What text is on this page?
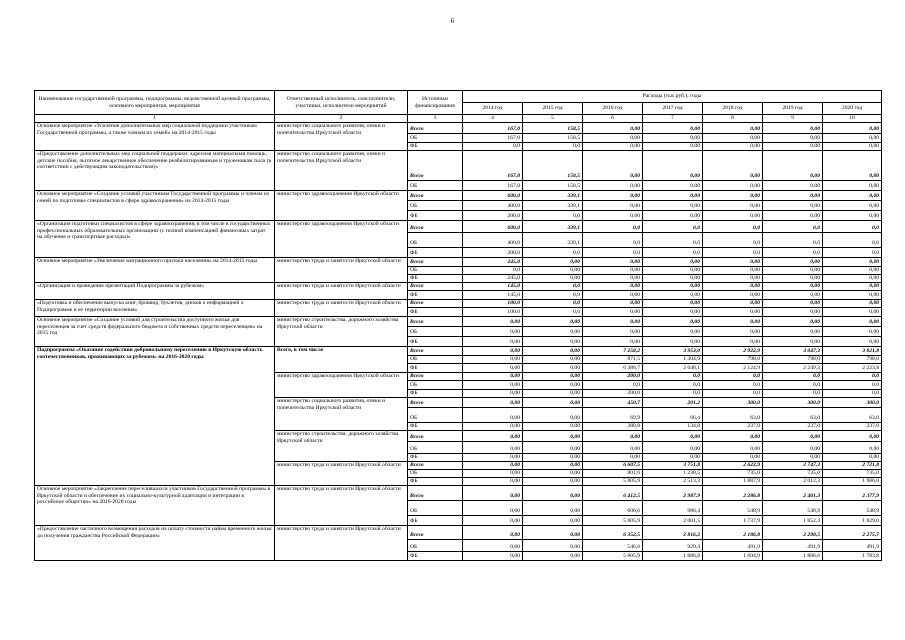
6
Наименование государственной программы, подпрограммы, ведомственной целевой программы, основного мероприятия, мероприятия	Ответственный исполнитель, соисполнители, участники, исполнители мероприятий	Источники финансирования	Расходы (тыс.руб.), годы						
			2014 год	2015 год	2016 год	2017 год	2018 год	2019 год	2020 год
1	2	3	4	5	6	7	8	9	10
Основное мероприятие «Усиление дополнительных мер социальной поддержки участникам Государственной программы, а также членам их семей» на 2014-2015 годы	министерство социального развития, опеки и попечительства Иркутской области	Всего	167,0	158,5	0,00	0,00	0,00	0,00	0,00
		ОБ	167,0	158,5	0,00	0,00	0,00	0,00	0,00
		ФБ	0,0	0,0	0,00	0,00	0,00	0,00	0,00
«Предоставление дополнительных мер социальной поддержки: адресная материальная помощь, детские пособия, льготное лекарственное обеспечение реабилитированным и труженикам тыла (в соответствии с действующим законодательством)»	министерство социального развития, опеки и попечительства Иркутской области	Всего	167,0	158,5	0,00	0,00	0,00	0,00	0,00
		ОБ	167,0	158,5	0,00	0,00	0,00	0,00	0,00
Основное мероприятие «Создание условий участникам Государственной программы и членам их семей по подготовке специалистов в сфере здравоохранения» на 2014-2015 годы	министерство здравоохранения Иркутской области	Всего	600,0	339,1	0,00	0,00	0,00	0,00	0,00
		ОБ	400,0	339,1	0,00	0,00	0,00	0,00	0,00
		ФБ	200,0	0,0	0,00	0,00	0,00	0,00	0,00
«Организация подготовки специалистов в сфере здравоохранения, в том числе в государственных профессиональных образовательных организациях (с полной компенсацией финансовых затрат на обучение и транспортные расходы)»	министерство здравоохранения Иркутской области	Всего	600,0	339,1	0,0	0,0	0,0	0,0	0,0
		ОБ	400,0	339,1	0,0	0,0	0,0	0,0	0,0
		ФБ	200,0	0,0	0,0	0,0	0,0	0,0	0,0
Основное мероприятие «Увеличение миграционного притока населения» на 2014-2015 годы	министерство труда и занятости Иркутской области	Всего	245,0	0,00	0,00	0,00	0,00	0,00	0,00
		ОБ	0,0	0,00	0,00	0,00	0,00	0,00	0,00
		ФБ	245,0	0,00	0,00	0,00	0,00	0,00	0,00
«Организация и проведение презентаций Подпрограммы за рубежом»	министерство труда и занятости Иркутской области	Всего	145,0	0,0	0,00	0,00	0,00	0,00	0,00
		ФБ	145,0	0,0	0,00	0,00	0,00	0,00	0,00
«Подготовка и обеспечение выпуска книг, брошюр, буклетов, дисков о информацией о Подпрограмме и ее территории вселения»	министерство труда и занятости Иркутской области	Всего	100,0	0,0	0,00	0,00	0,00	0,00	0,00
		ФБ	100,0	0,0	0,00	0,00	0,00	0,00	0,00
Основное мероприятие «Создание условий для строительства доступного жилья для переселенцев за счет средств федерального бюджета и собственных средств переселенцев» на 2015 год	министерство строительства, дорожного хозяйства Иркутской области	Всего	0,00	0,00	0,00	0,00	0,00	0,00	0,00
		ОБ	0,00	0,00	0,00	0,00	0,00	0,00	0,00
		ФБ	0,00	0,00	0,00	0,00	0,00	0,00	0,00
Подпрограмма «Оказание содействия добровольному переселению в Иркутскую область соотечественников, проживающих за рубежом» на 2016-2020 годы	Всего, в том числе	Всего	0,00	0,00	7 258,2	3 953,0	2 922,9	3 047,3	3 021,8
		ОБ	0,00	0,00	871,5	1 304,9	798,0	798,0	798,0
		ФБ	0,00	0,00	6 386,7	2 648,1	2 124,9	2 249,3	2 223,8
	министерство здравоохранения Иркутской области	Всего	0,00	0,00	200,0	0,0	0,0	0,0	0,0
		ОБ	0,00	0,00	0,0	0,0	0,0	0,0	0,0
		ФБ	0,00	0,00	200,0	0,0	0,0	0,0	0,0
	министерство социального развития, опеки и попечительства Иркутской области	Всего	0,00	0,00	450,7	201,2	300,0	300,0	300,0
		ОБ	0,00	0,00	69,9	66,4	63,0	63,0	63,0
		ФБ	0,00	0,00	380,8	134,8	237,0	237,0	237,0
	министерство строительства, дорожного хозяйства Иркутской области	Всего	0,00	0,00	0,00	0,00	0,00	0,00	0,00
		ОБ	0,00	0,00	0,00	0,00	0,00	0,00	0,00
		ФБ	0,00	0,00	0,00	0,00	0,00	0,00	0,00
	министерство труда и занятости Иркутской области	Всего	0,00	0,00	6 607,5	3 751,8	2 622,9	2 747,3	2 721,8
		ОБ	0,00	0,00	801,6	1 238,5	735,0	735,0	735,0
		ФБ	0,00	0,00	5 805,9	2 513,3	1 887,9	2 012,3	1 986,8
Основное мероприятие «Закрепление переселившихся участников Государственной программы в Иркутской области и обеспечение их социально-культурной адаптации и интеграции в российское общество» на 2016-2020 годы	министерство труда и занятости Иркутской области	Всего	0,00	0,00	6 412,5	2 987,9	2 286,8	2 401,3	2 377,9
		ОБ	0,00	0,00	606,6	986,4	548,9	548,9	548,9
		ФБ	0,00	0,00	5 805,9	2 001,5	1 737,9	1 852,4	1 829,0
«Предоставление частичного возмещения расходов на оплату стоимости найма временного жилья до получения гражданства Российской Федерации»	министерство труда и занятости Иркутской области	Всего	0,00	0,00	6 352,5	2 816,2	2 186,8	2 298,5	2 275,7
		ОБ	0,00	0,00	546,6	929,4	491,9	491,9	491,9
		ФБ	0,00	0,00	5 805,9	1 886,8	1 694,9	1 806,6	1 783,8
